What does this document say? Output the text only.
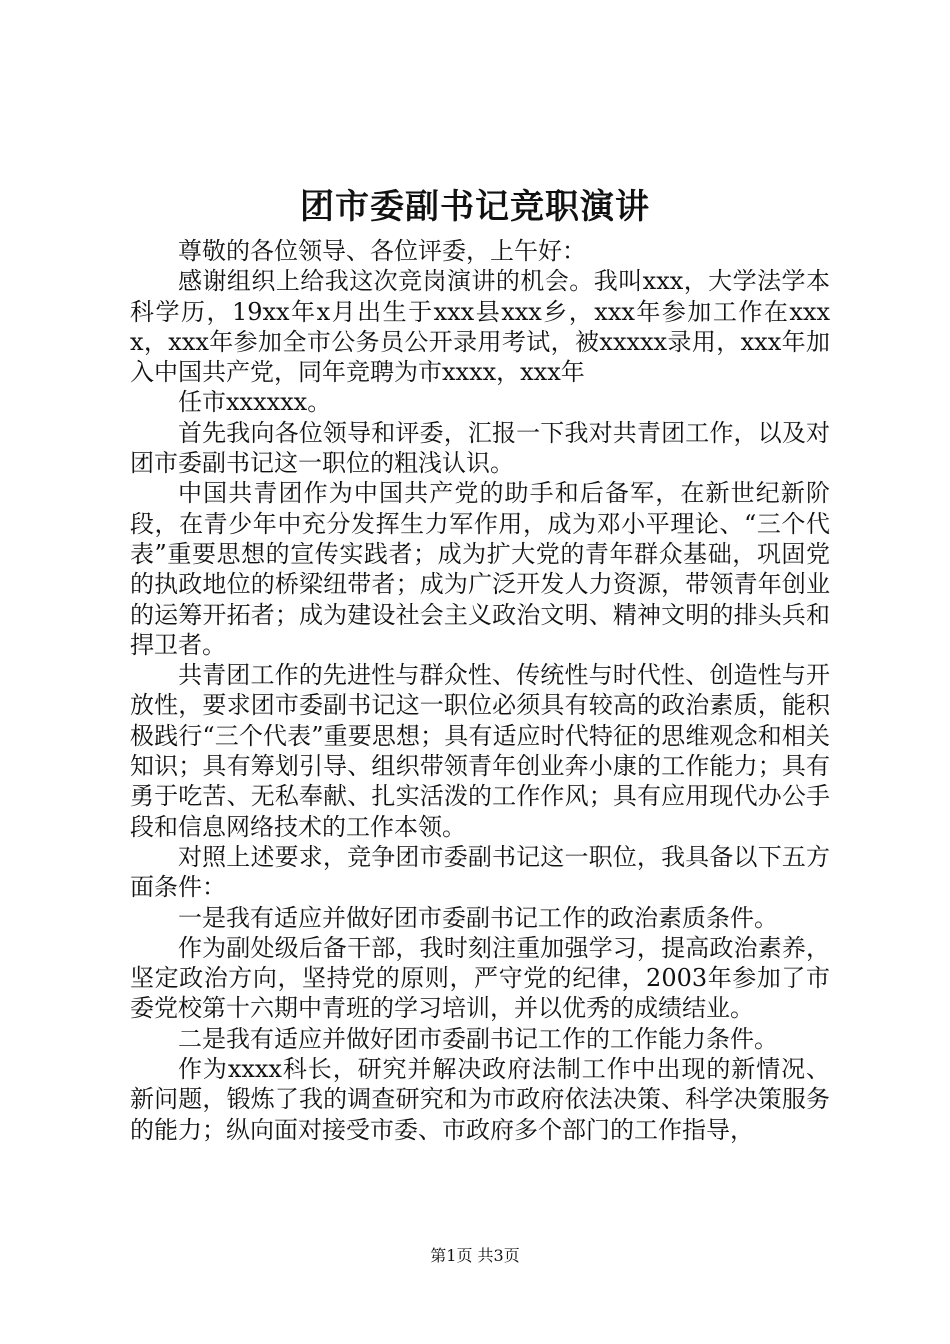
团市委副书记竞职演讲

尊敬的各位领导、各位评委，上午好：

感谢组织上给我这次竞岗演讲的机会。我叫xxx，大学法学本科学历，19xx年x月出生于xxx县xxx乡，xxx年参加工作在xxxx，xxx年参加全市公务员公开录用考试，被xxxxx录用，xxx年加入中国共产党，同年竞聘为市xxxx，xxx年

任市xxxxxx。

首先我向各位领导和评委，汇报一下我对共青团工作，以及对团市委副书记这一职位的粗浅认识。

中国共青团作为中国共产党的助手和后备军，在新世纪新阶段，在青少年中充分发挥生力军作用，成为邓小平理论、“三个代表”重要思想的宣传实践者；成为扩大党的青年群众基础，巩固党的执政地位的桥梁纽带者；成为广泛开发人力资源，带领青年创业的运筹开拓者；成为建设社会主义政治文明、精神文明的排头兵和捍卫者。

共青团工作的先进性与群众性、传统性与时代性、创造性与开放性，要求团市委副书记这一职位必须具有较高的政治素质，能积极践行“三个代表”重要思想；具有适应时代特征的思维观念和相关知识；具有筹划引导、组织带领青年创业奔小康的工作能力；具有勇于吃苦、无私奉献、扎实活泼的工作作风；具有应用现代办公手段和信息网络技术的工作本领。

对照上述要求，竞争团市委副书记这一职位，我具备以下五方面条件：

一是我有适应并做好团市委副书记工作的政治素质条件。

作为副处级后备干部，我时刻注重加强学习，提高政治素养，坚定政治方向，坚持党的原则，严守党的纪律，2003年参加了市委党校第十六期中青班的学习培训，并以优秀的成绩结业。

二是我有适应并做好团市委副书记工作的工作能力条件。

作为xxxx科长，研究并解决政府法制工作中出现的新情况、新问题，锻炼了我的调查研究和为市政府依法决策、科学决策服务的能力；纵向面对接受市委、市政府多个部门的工作指导，

第1页 共3页
